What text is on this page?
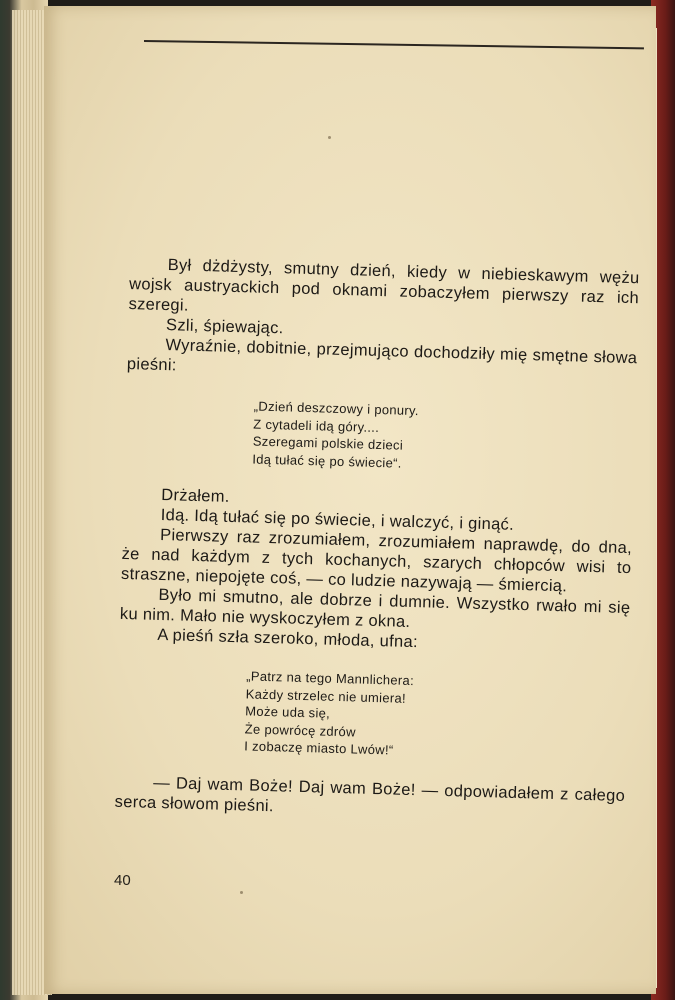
Był dżdżysty, smutny dzień, kiedy w niebieskawym wężu wojsk austryackich pod oknami zobaczyłem pierwszy raz ich szeregi.

Szli, śpiewając.

Wyraźnie, dobitnie, przejmująco dochodziły mię smętne słowa pieśni:

„Dzień deszczowy i ponury.
Z cytadeli idą góry....
Szeregami polskie dzieci
Idą tułać się po świecie“.

Drżałem.

Idą. Idą tułać się po świecie, i walczyć, i ginąć.

Pierwszy raz zrozumiałem, zrozumiałem naprawdę, do dna, że nad każdym z tych kochanych, szarych chłopców wisi to straszne, niepojęte coś, — co ludzie nazywają — śmiercią.

Było mi smutno, ale dobrze i dumnie. Wszystko rwało mi się ku nim. Mało nie wyskoczyłem z okna.

A pieśń szła szeroko, młoda, ufna:

„Patrz na tego Mannlichera:
Każdy strzelec nie umiera!
Może uda się,
Że powrócę zdrów
I zobaczę miasto Lwów!“

— Daj wam Boże! Daj wam Boże! — odpowiadałem z całego serca słowom pieśni.

40
